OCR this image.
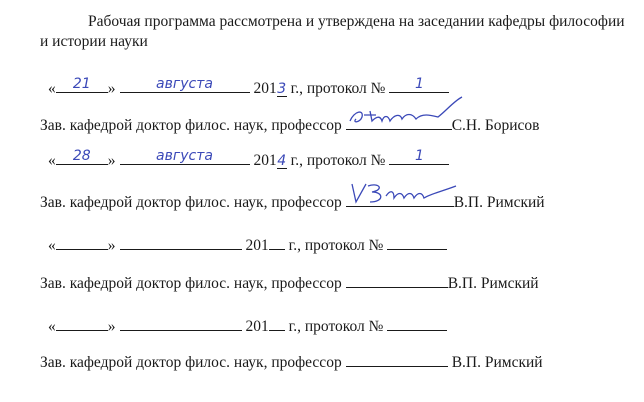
Рабочая программа рассмотрена и утверждена на заседании кафедры философии и истории науки
«	21	»	августа	2013 г., протокол №	1
Зав. кафедрой доктор филос. наук, профессор	С.Н. Борисов
«	28	»	августа	2014 г., протокол №	1
Зав. кафедрой доктор филос. наук, профессор	В.П. Римский
«	»	201 г., протокол №
Зав. кафедрой доктор филос. наук, профессор	В.П. Римский
«	»	201 г., протокол №
Зав. кафедрой доктор филос. наук, профессор	В.П. Римский
